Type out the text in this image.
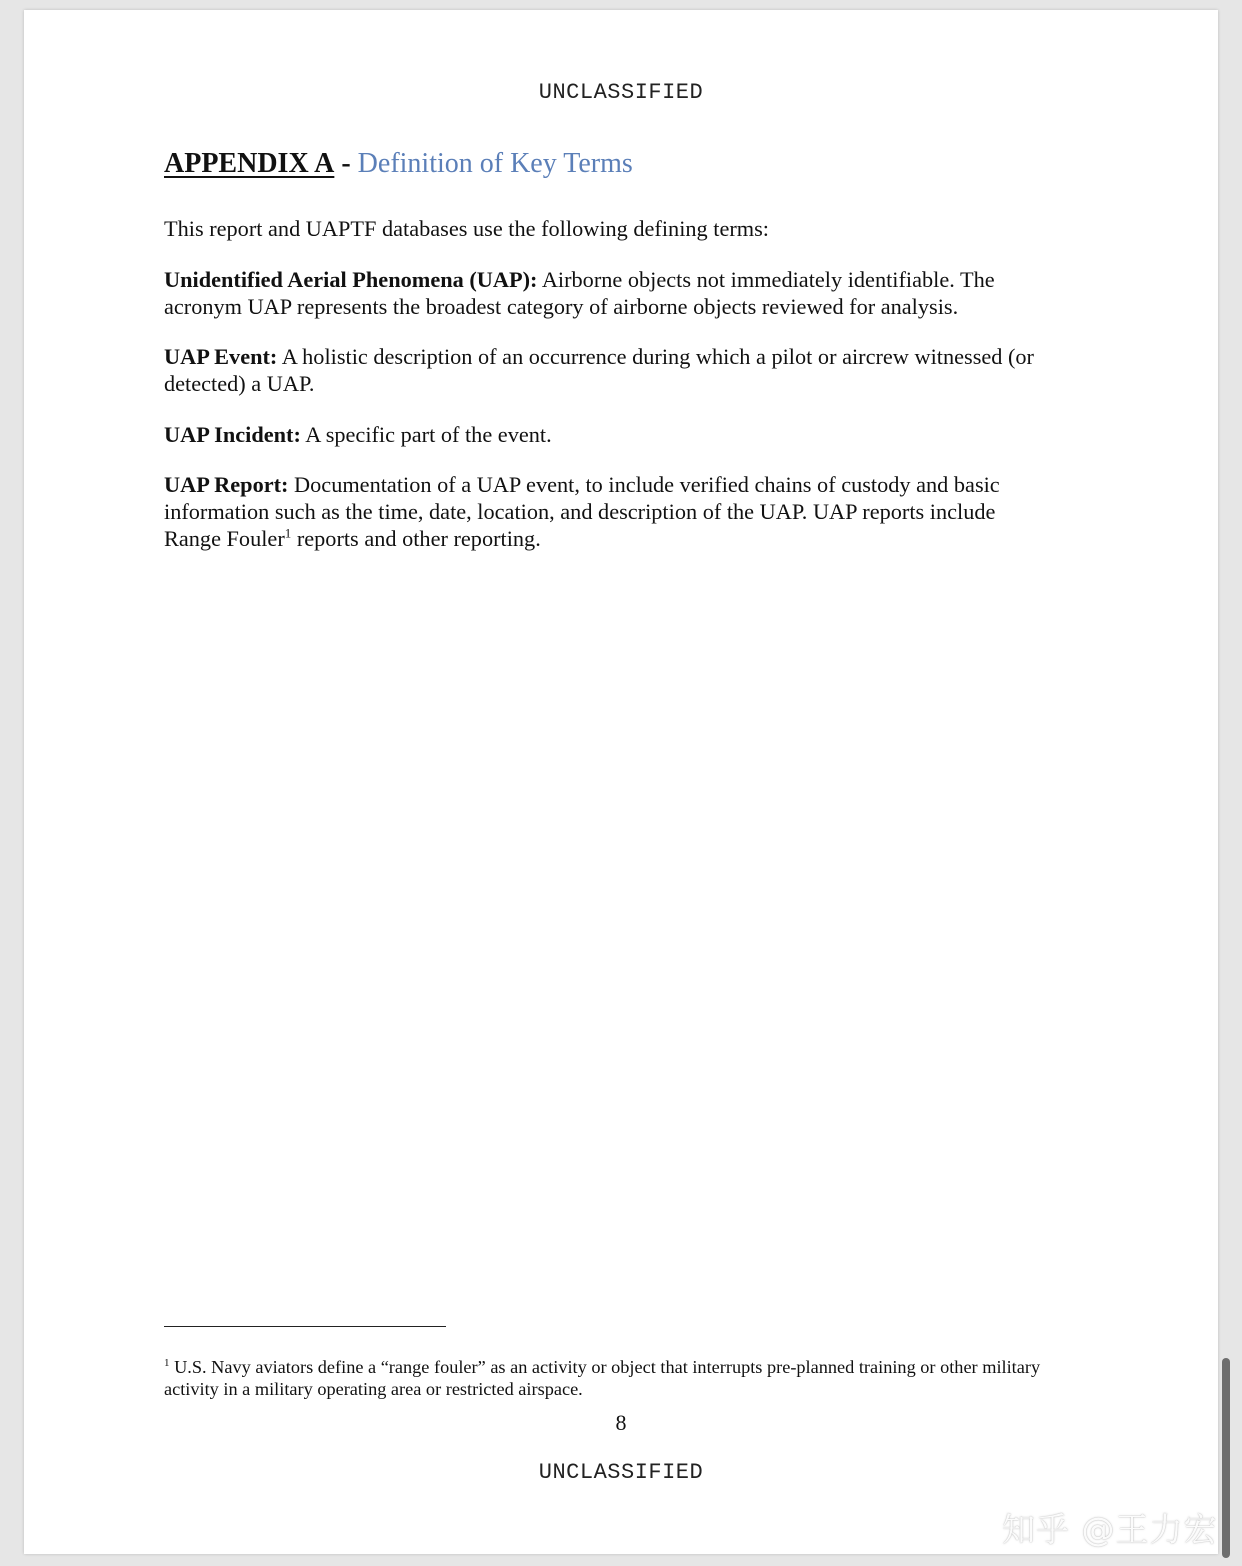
UNCLASSIFIED
APPENDIX A - Definition of Key Terms

This report and UAPTF databases use the following defining terms:

Unidentified Aerial Phenomena (UAP): Airborne objects not immediately identifiable. The acronym UAP represents the broadest category of airborne objects reviewed for analysis.

UAP Event: A holistic description of an occurrence during which a pilot or aircrew witnessed (or detected) a UAP.

UAP Incident: A specific part of the event.

UAP Report: Documentation of a UAP event, to include verified chains of custody and basic information such as the time, date, location, and description of the UAP. UAP reports include Range Fouler$^1$ reports and other reporting.

$^1$ U.S. Navy aviators define a “range fouler” as an activity or object that interrupts pre-planned training or other military activity in a military operating area or restricted airspace.

8
UNCLASSIFIED
知乎 @王力宏
